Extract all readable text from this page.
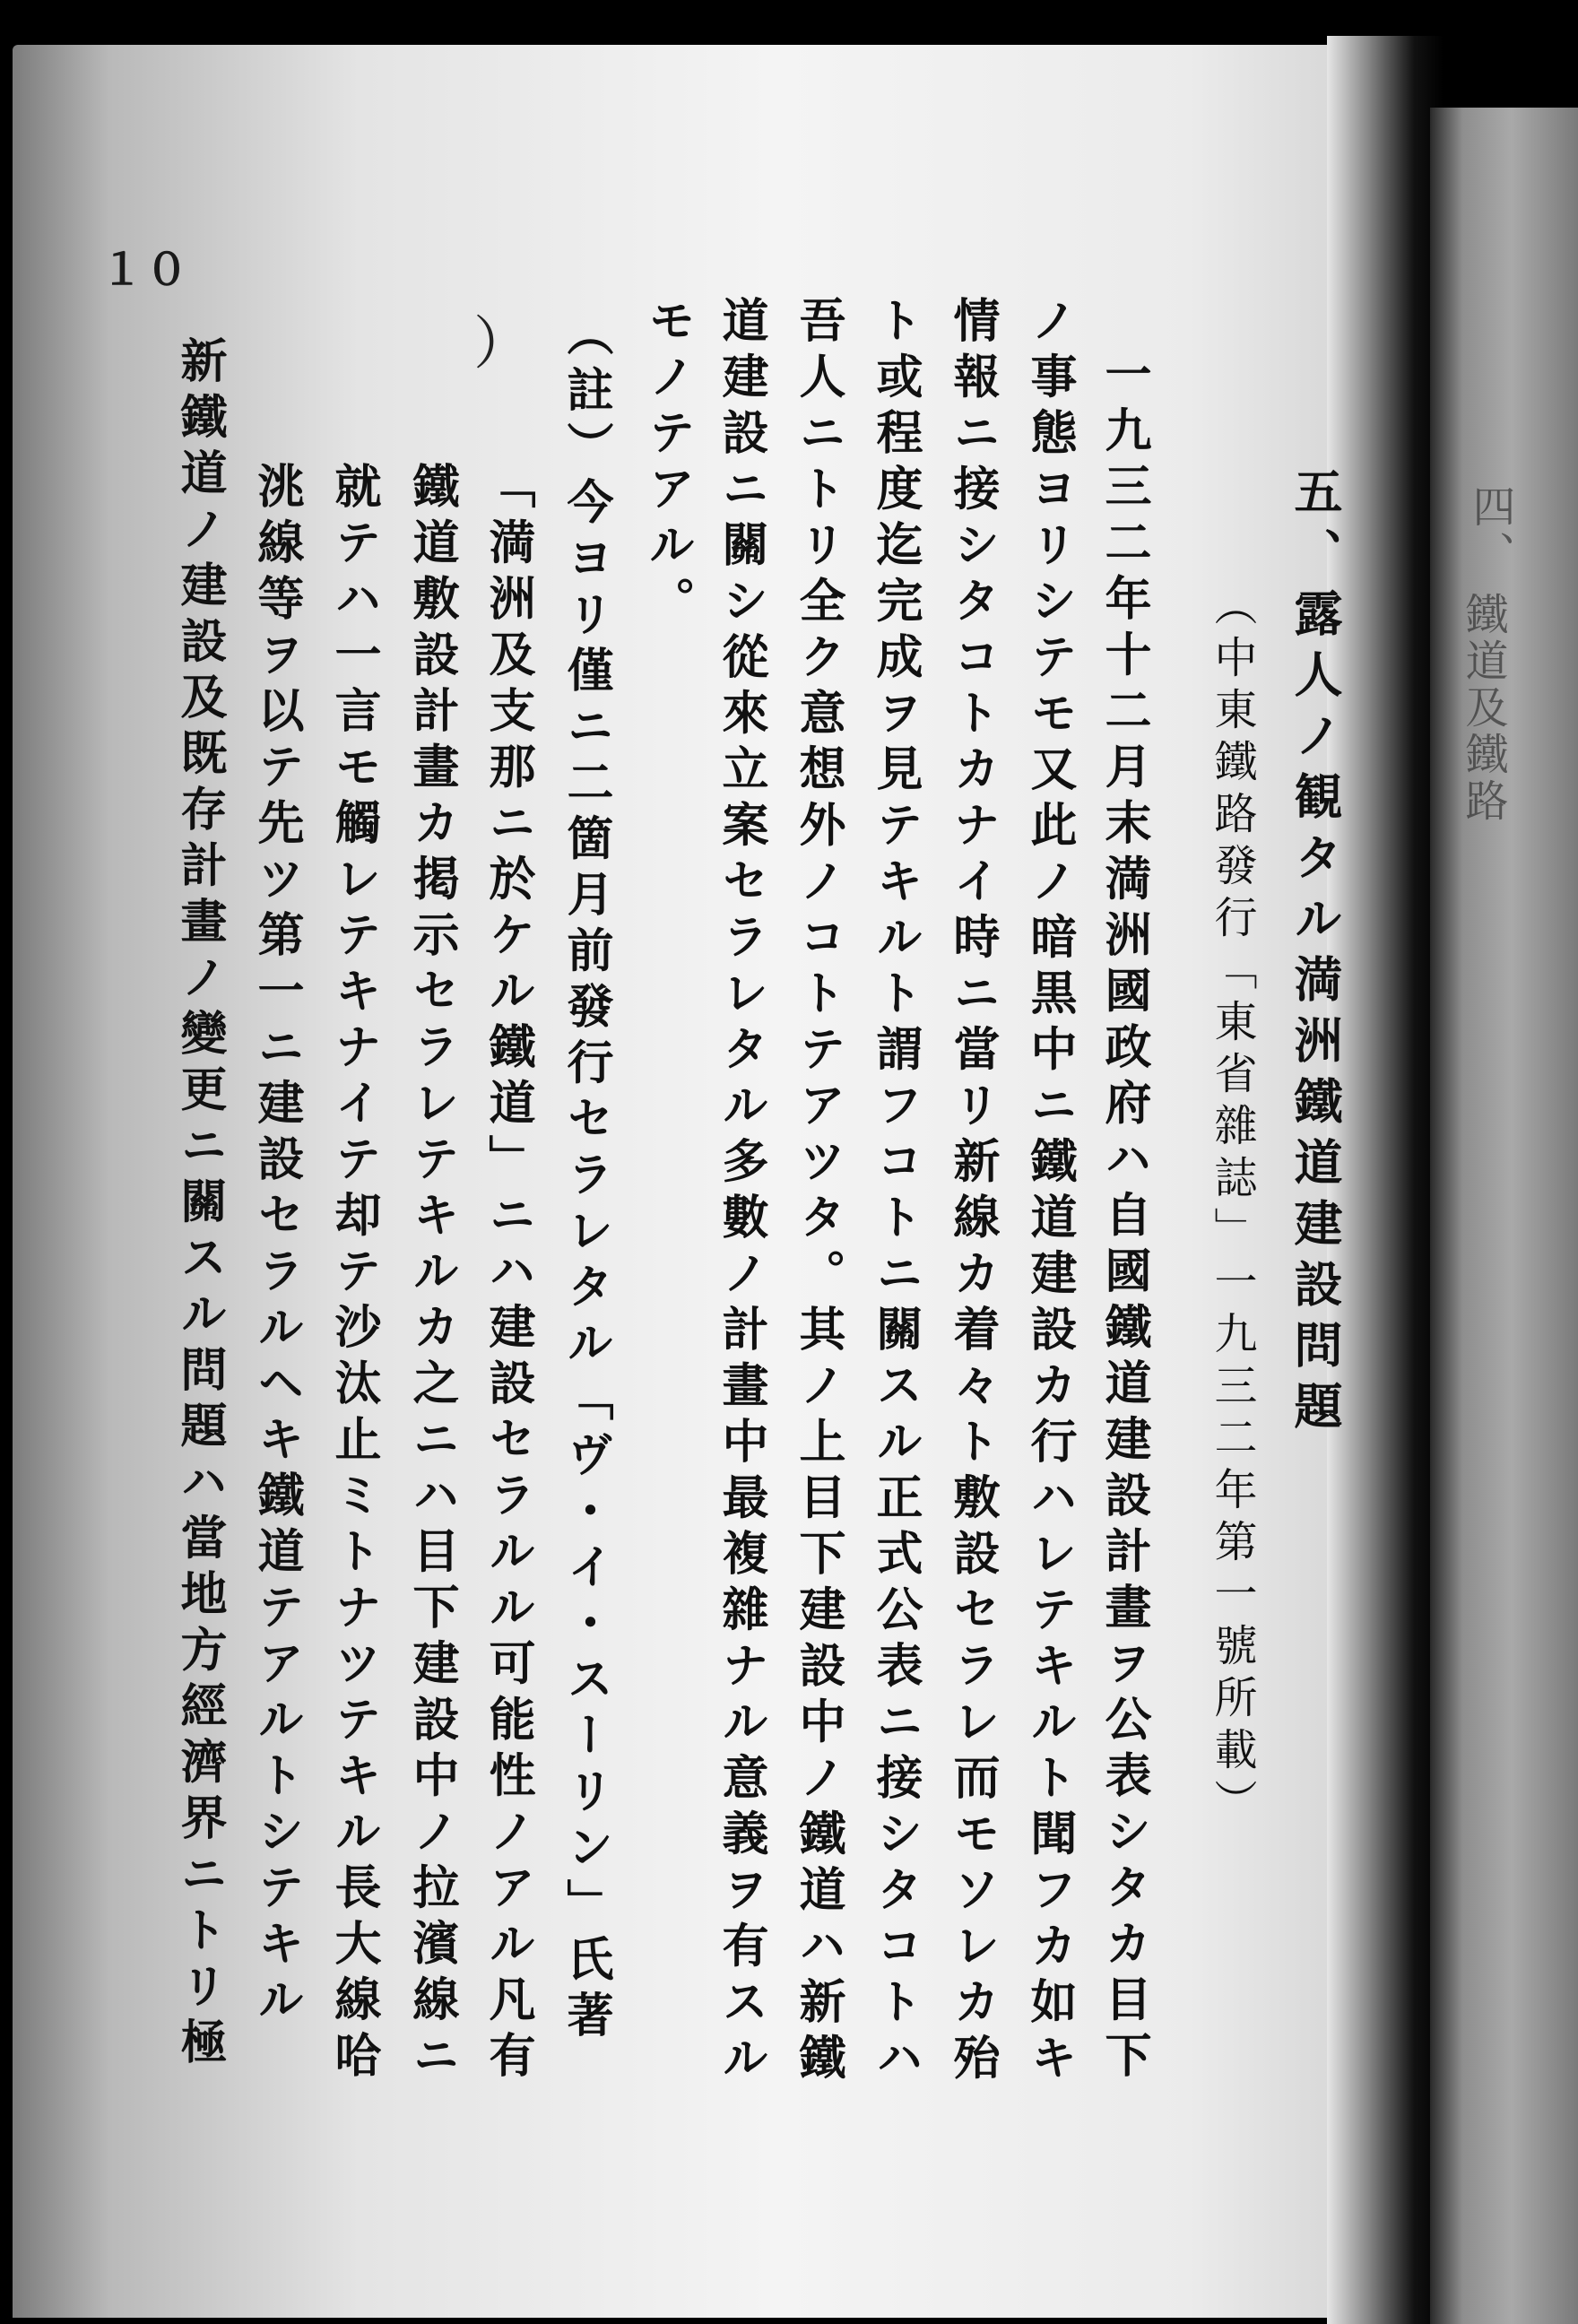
四、
鐵道及鐵路
１０
）
五、露人ノ観タル満洲鐵道建設問題
（中東鐵路發行「東省雜誌」一九三二年第一號所載）
一九三二年十二月末満洲國政府ハ自國鐵道建設計畫ヲ公表シタカ目下
ノ事態ヨリシテモ又此ノ暗黒中ニ鐵道建設カ行ハレテキルト聞フカ如キ
情報ニ接シタコトカナイ時ニ當リ新線カ着々ト敷設セラレ而モソレカ殆
ト或程度迄完成ヲ見テキルト謂フコトニ關スル正式公表ニ接シタコトハ
吾人ニトリ全ク意想外ノコトテアツタ。其ノ上目下建設中ノ鐵道ハ新鐵
道建設ニ關シ從來立案セラレタル多數ノ計畫中最複雜ナル意義ヲ有スル
モノテアル。
（註）今ヨリ僅ニ二箇月前發行セラレタル「ヴ・イ・スーリン」氏著
「満洲及支那ニ於ケル鐵道」ニハ建設セラルル可能性ノアル凡有
鐵道敷設計畫カ掲示セラレテキルカ之ニハ目下建設中ノ拉濱線ニ
就テハ一言モ觸レテキナイテ却テ沙汰止ミトナツテキル長大線哈
洮線等ヲ以テ先ツ第一ニ建設セラルヘキ鐵道テアルトシテキル
新鐵道ノ建設及既存計畫ノ變更ニ關スル問題ハ當地方經濟界ニトリ極
